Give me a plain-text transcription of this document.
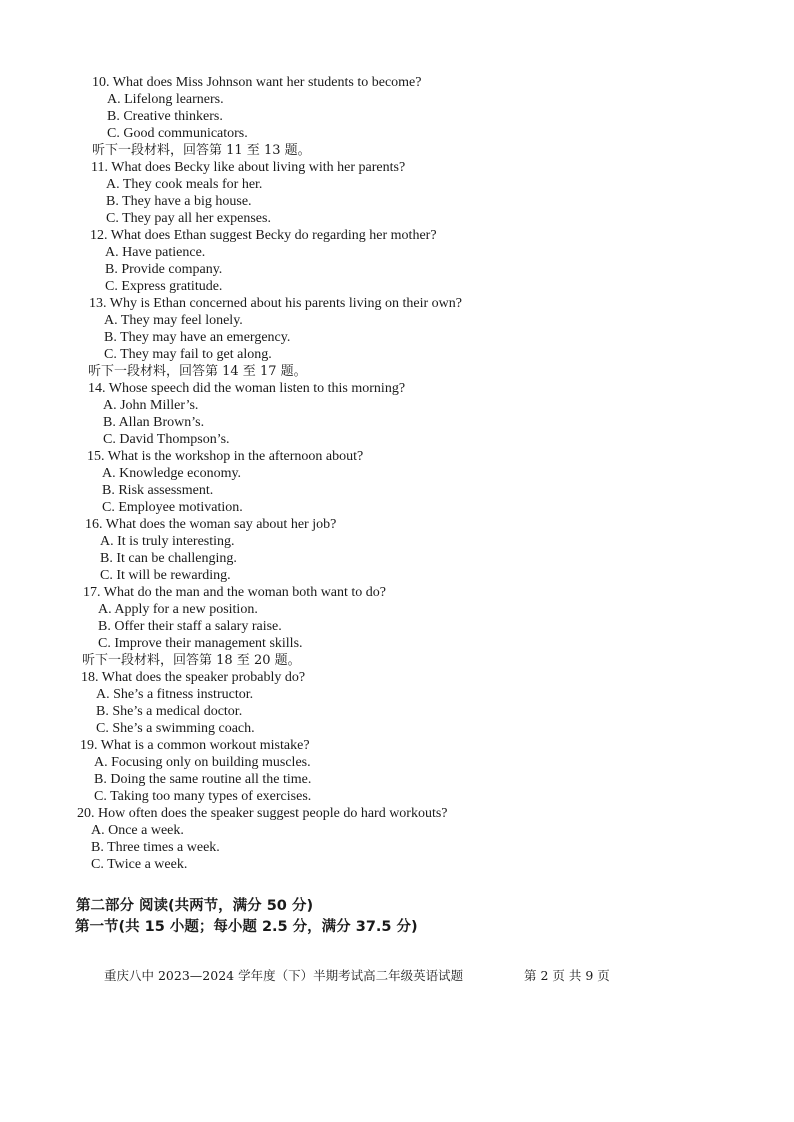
10. What does Miss Johnson want her students to become?
A. Lifelong learners.
B. Creative thinkers.
C. Good communicators.
听下一段材料，回答第 11 至 13 题。
11. What does Becky like about living with her parents?
A. They cook meals for her.
B. They have a big house.
C. They pay all her expenses.
12. What does Ethan suggest Becky do regarding her mother?
A. Have patience.
B. Provide company.
C. Express gratitude.
13. Why is Ethan concerned about his parents living on their own?
A. They may feel lonely.
B. They may have an emergency.
C. They may fail to get along.
听下一段材料，回答第 14 至 17 题。
14. Whose speech did the woman listen to this morning?
A. John Miller’s.
B. Allan Brown’s.
C. David Thompson’s.
15. What is the workshop in the afternoon about?
A. Knowledge economy.
B. Risk assessment.
C. Employee motivation.
16. What does the woman say about her job?
A. It is truly interesting.
B. It can be challenging.
C. It will be rewarding.
17. What do the man and the woman both want to do?
A. Apply for a new position.
B. Offer their staff a salary raise.
C. Improve their management skills.
听下一段材料，回答第 18 至 20 题。
18. What does the speaker probably do?
A. She’s a fitness instructor.
B. She’s a medical doctor.
C. She’s a swimming coach.
19. What is a common workout mistake?
A. Focusing only on building muscles.
B. Doing the same routine all the time.
C. Taking too many types of exercises.
20. How often does the speaker suggest people do hard workouts?
A. Once a week.
B. Three times a week.
C. Twice a week.
第二部分 阅读(共两节，满分 50 分)
第一节(共 15 小题；每小题 2.5 分，满分 37.5 分)
重庆八中 2023—2024 学年度（下）半期考试高二年级英语试题	第 2 页 共 9 页
